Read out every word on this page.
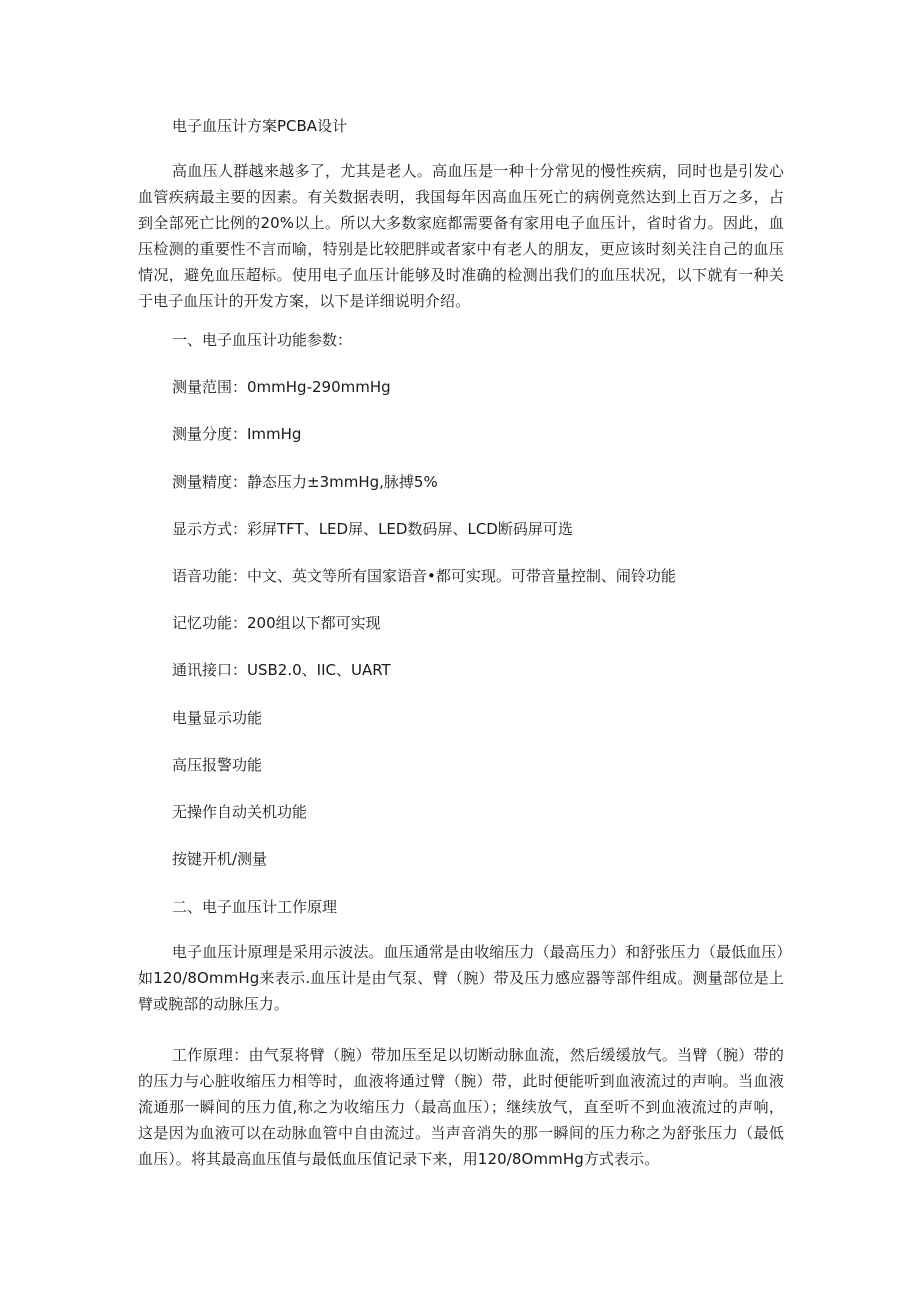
电子血压计方案PCBA设计

高血压人群越来越多了，尤其是老人。高血压是一种十分常见的慢性疾病，同时也是引发心血管疾病最主要的因素。有关数据表明，我国每年因高血压死亡的病例竟然达到上百万之多，占到全部死亡比例的20%以上。所以大多数家庭都需要备有家用电子血压计，省时省力。因此，血压检测的重要性不言而喻，特别是比较肥胖或者家中有老人的朋友，更应该时刻关注自己的血压情况，避免血压超标。使用电子血压计能够及时准确的检测出我们的血压状况，以下就有一种关于电子血压计的开发方案，以下是详细说明介绍。

一、电子血压计功能参数：
测量范围：0mmHg-290mmHg
测量分度：ImmHg
测量精度：静态压力±3mmHg,脉搏5%
显示方式：彩屏TFT、LED屏、LED数码屏、LCD断码屏可选
语音功能：中文、英文等所有国家语音•都可实现。可带音量控制、闹铃功能
记忆功能：200组以下都可实现
通讯接口：USB2.0、IIC、UART
电量显示功能
高压报警功能
无操作自动关机功能
按键开机/测量
二、电子血压计工作原理

电子血压计原理是采用示波法。血压通常是由收缩压力（最高压力）和舒张压力（最低血压）如120/8OmmHg来表示.血压计是由气泵、臂（腕）带及压力感应器等部件组成。测量部位是上臂或腕部的动脉压力。

工作原理：由气泵将臂（腕）带加压至足以切断动脉血流，然后缓缓放气。当臂（腕）带的的压力与心脏收缩压力相等时，血液将通过臂（腕）带，此时便能听到血液流过的声响。当血液流通那一瞬间的压力值,称之为收缩压力（最高血压）；继续放气，直至听不到血液流过的声响，这是因为血液可以在动脉血管中自由流过。当声音消失的那一瞬间的压力称之为舒张压力（最低血压）。将其最高血压值与最低血压值记录下来，用120/8OmmHg方式表示。
